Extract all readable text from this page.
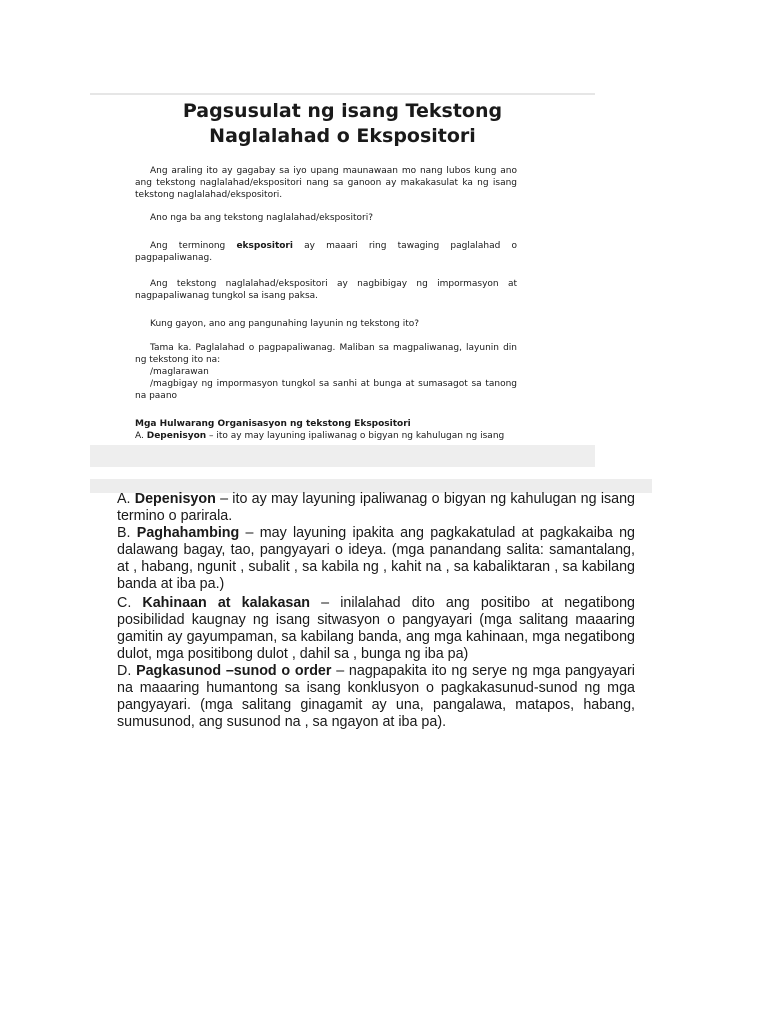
Pagsusulat ng isang Tekstong
Naglalahad o Ekspositori
Ang araling ito ay gagabay sa iyo upang maunawaan mo nang lubos kung ano ang tekstong naglalahad/ekspositori nang sa ganoon ay makakasulat ka ng isang tekstong naglalahad/ekspositori.
Ano nga ba ang tekstong naglalahad/ekspositori?
Ang terminong ekspositori ay maaari ring tawaging paglalahad o pagpapaliwanag.
Ang tekstong naglalahad/ekspositori ay nagbibigay ng impormasyon at nagpapaliwanag tungkol sa isang paksa.
Kung gayon, ano ang pangunahing layunin ng tekstong ito?
Tama ka. Paglalahad o pagpapaliwanag. Maliban sa magpaliwanag, layunin din ng tekstong ito na:
/maglarawan
/magbigay ng impormasyon tungkol sa sanhi at bunga at sumasagot sa tanong na paano
Mga Hulwarang Organisasyon ng tekstong Ekspositori
A. Depenisyon – ito ay may layuning ipaliwanag o bigyan ng kahulugan ng isang
A. Depenisyon – ito ay may layuning ipaliwanag o bigyan ng kahulugan ng isang termino o parirala.
B. Paghahambing – may layuning ipakita ang pagkakatulad at pagkakaiba ng dalawang bagay, tao, pangyayari o ideya. (mga panandang salita: samantalang, at , habang, ngunit , subalit , sa kabila ng , kahit na , sa kabaliktaran , sa kabilang banda at iba pa.)
C. Kahinaan at kalakasan – inilalahad dito ang positibo at negatibong posibilidad kaugnay ng isang sitwasyon o pangyayari (mga salitang maaaring gamitin ay gayumpaman, sa kabilang banda, ang mga kahinaan, mga negatibong dulot, mga positibong dulot , dahil sa , bunga ng iba pa)
D. Pagkasunod –sunod o order – nagpapakita ito ng serye ng mga pangyayari na maaaring humantong sa isang konklusyon o pagkakasunud-sunod ng mga pangyayari. (mga salitang ginagamit ay una, pangalawa, matapos, habang, sumusunod, ang susunod na , sa ngayon at iba pa).
